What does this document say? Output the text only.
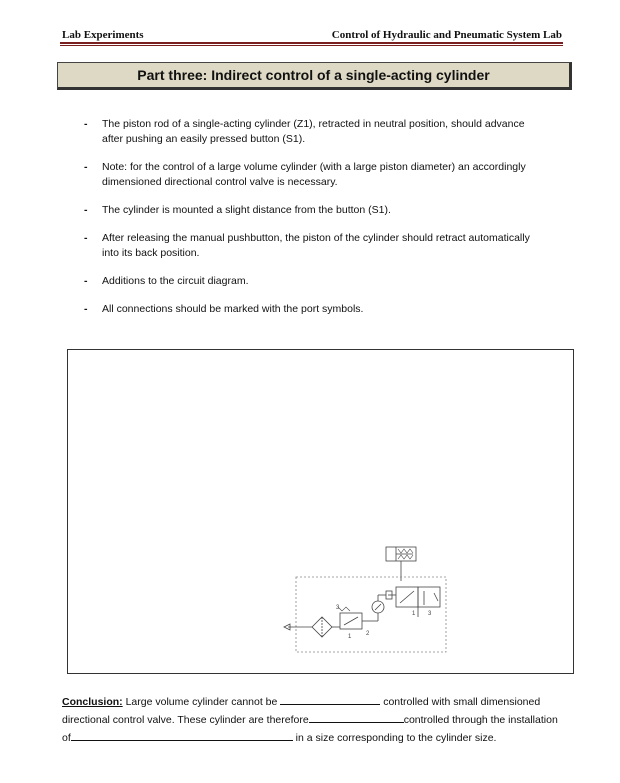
Lab Experiments	Control of Hydraulic and Pneumatic System Lab
Part three: Indirect control of a single-acting cylinder
- The piston rod of a single-acting cylinder (Z1), retracted in neutral position, should advance after pushing an easily pressed button (S1).
- Note: for the control of a large volume cylinder (with a large piston diameter) an accordingly dimensioned directional control valve is necessary.
- The cylinder is mounted a slight distance from the button (S1).
- After releasing the manual pushbutton, the piston of the cylinder should retract automatically into its back position.
- Additions to the circuit diagram.
- All connections should be marked with the port symbols.
3
1 2
1 3
Conclusion: Large volume cylinder cannot be	controlled with small dimensioned directional control valve. These cylinder are therefore	controlled through the installation of	in a size corresponding to the cylinder size.
